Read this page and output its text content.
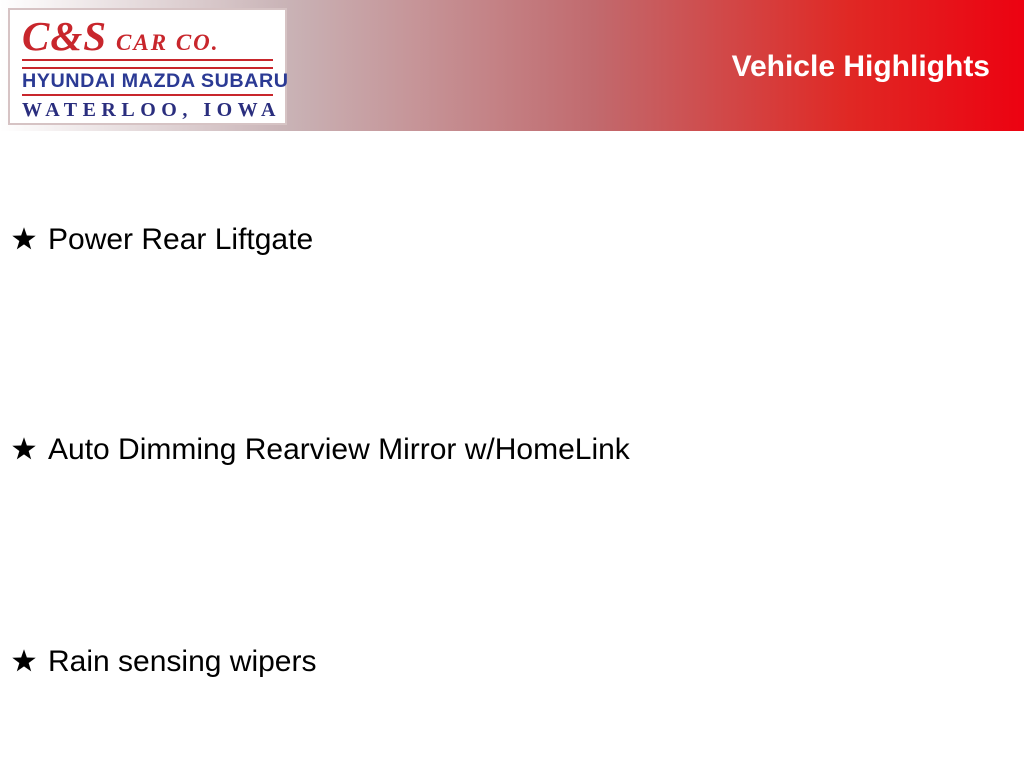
C&S CAR CO.
HYUNDAI MAZDA SUBARU
WATERLOO, IOWA
Vehicle Highlights
Power Rear Liftgate
Auto Dimming Rearview Mirror w/HomeLink
Rain sensing wipers
